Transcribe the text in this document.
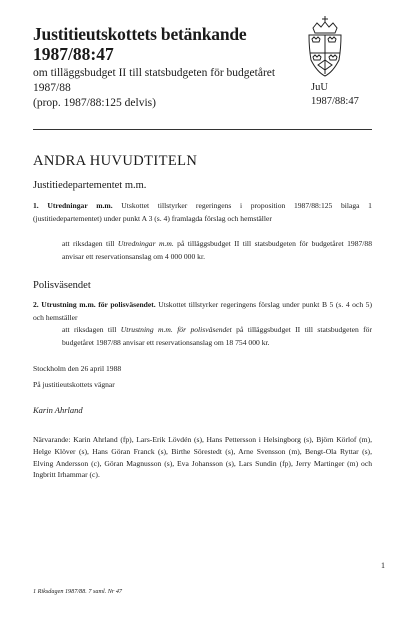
Justitieutskottets betänkande
1987/88:47
om tilläggsbudget II till statsbudgeten för budgetåret
1987/88
(prop. 1987/88:125 delvis)
JuU
1987/88:47
ANDRA HUVUDTITELN
Justitiedepartementet m.m.
1. Utredningar m.m. Utskottet tillstyrker regeringens i proposition 1987/88:125 bilaga 1 (justitiedepartementet) under punkt A 3 (s. 4) framlagda förslag och hemställer
att riksdagen till Utredningar m.m. på tilläggsbudget II till statsbudgeten för budgetåret 1987/88 anvisar ett reservationsanslag om 4 000 000 kr.
Polisväsendet
2. Utrustning m.m. för polisväsendet. Utskottet tillstyrker regeringens förslag under punkt B 5 (s. 4 och 5) och hemställer
att riksdagen till Utrustning m.m. för polisväsendet på tilläggsbudget II till statsbudgeten för budgetåret 1987/88 anvisar ett reservationsanslag om 18 754 000 kr.
Stockholm den 26 april 1988
På justitieutskottets vägnar
Karin Ahrland
Närvarande: Karin Ahrland (fp), Lars-Erik Lövdén (s), Hans Pettersson i Helsingborg (s), Björn Körlof (m), Helge Klöver (s), Hans Göran Franck (s), Birthe Sörestedt (s), Arne Svensson (m), Bengt-Ola Ryttar (s), Elving Andersson (c), Göran Magnusson (s), Eva Johansson (s), Lars Sundin (fp), Jerry Martinger (m) och Ingbritt Irhammar (c).
1
1 Riksdagen 1987/88. 7 saml. Nr 47
